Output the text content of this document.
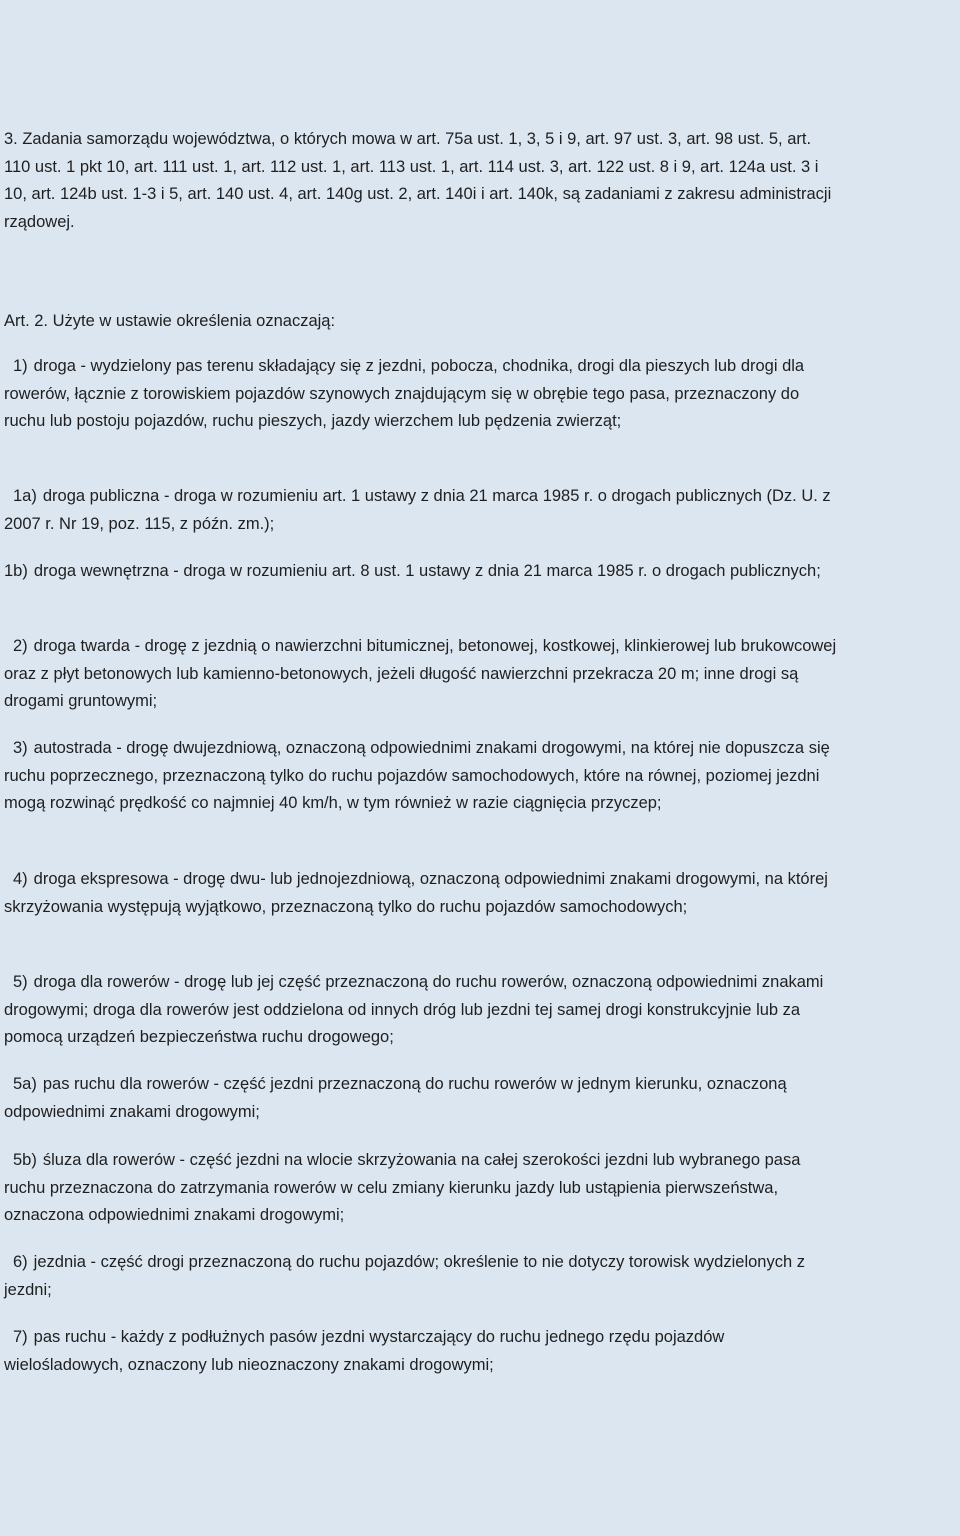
3. Zadania samorządu województwa, o których mowa w art. 75a ust. 1, 3, 5 i 9, art. 97 ust. 3, art. 98 ust. 5, art. 110 ust. 1 pkt 10, art. 111 ust. 1, art. 112 ust. 1, art. 113 ust. 1, art. 114 ust. 3, art. 122 ust. 8 i 9, art. 124a ust. 3 i 10, art. 124b ust. 1-3 i 5, art. 140 ust. 4, art. 140g ust. 2, art. 140i i art. 140k, są zadaniami z zakresu administracji rządowej.

Art. 2. Użyte w ustawie określenia oznaczają:

1) droga - wydzielony pas terenu składający się z jezdni, pobocza, chodnika, drogi dla pieszych lub drogi dla rowerów, łącznie z torowiskiem pojazdów szynowych znajdującym się w obrębie tego pasa, przeznaczony do ruchu lub postoju pojazdów, ruchu pieszych, jazdy wierzchem lub pędzenia zwierząt;

1a) droga publiczna - droga w rozumieniu art. 1 ustawy z dnia 21 marca 1985 r. o drogach publicznych (Dz. U. z 2007 r. Nr 19, poz. 115, z późn. zm.);

1b) droga wewnętrzna - droga w rozumieniu art. 8 ust. 1 ustawy z dnia 21 marca 1985 r. o drogach publicznych;

2) droga twarda - drogę z jezdnią o nawierzchni bitumicznej, betonowej, kostkowej, klinkierowej lub brukowcowej oraz z płyt betonowych lub kamienno-betonowych, jeżeli długość nawierzchni przekracza 20 m; inne drogi są drogami gruntowymi;

3) autostrada - drogę dwujezdniową, oznaczoną odpowiednimi znakami drogowymi, na której nie dopuszcza się ruchu poprzecznego, przeznaczoną tylko do ruchu pojazdów samochodowych, które na równej, poziomej jezdni mogą rozwinąć prędkość co najmniej 40 km/h, w tym również w razie ciągnięcia przyczep;

4) droga ekspresowa - drogę dwu- lub jednojezdniową, oznaczoną odpowiednimi znakami drogowymi, na której skrzyżowania występują wyjątkowo, przeznaczoną tylko do ruchu pojazdów samochodowych;

5) droga dla rowerów - drogę lub jej część przeznaczoną do ruchu rowerów, oznaczoną odpowiednimi znakami drogowymi; droga dla rowerów jest oddzielona od innych dróg lub jezdni tej samej drogi konstrukcyjnie lub za pomocą urządzeń bezpieczeństwa ruchu drogowego;

5a) pas ruchu dla rowerów - część jezdni przeznaczoną do ruchu rowerów w jednym kierunku, oznaczoną odpowiednimi znakami drogowymi;

5b) śluza dla rowerów - część jezdni na wlocie skrzyżowania na całej szerokości jezdni lub wybranego pasa ruchu przeznaczona do zatrzymania rowerów w celu zmiany kierunku jazdy lub ustąpienia pierwszeństwa, oznaczona odpowiednimi znakami drogowymi;

6) jezdnia - część drogi przeznaczoną do ruchu pojazdów; określenie to nie dotyczy torowisk wydzielonych z jezdni;

7) pas ruchu - każdy z podłużnych pasów jezdni wystarczający do ruchu jednego rzędu pojazdów wielośladowych, oznaczony lub nieoznaczony znakami drogowymi;
